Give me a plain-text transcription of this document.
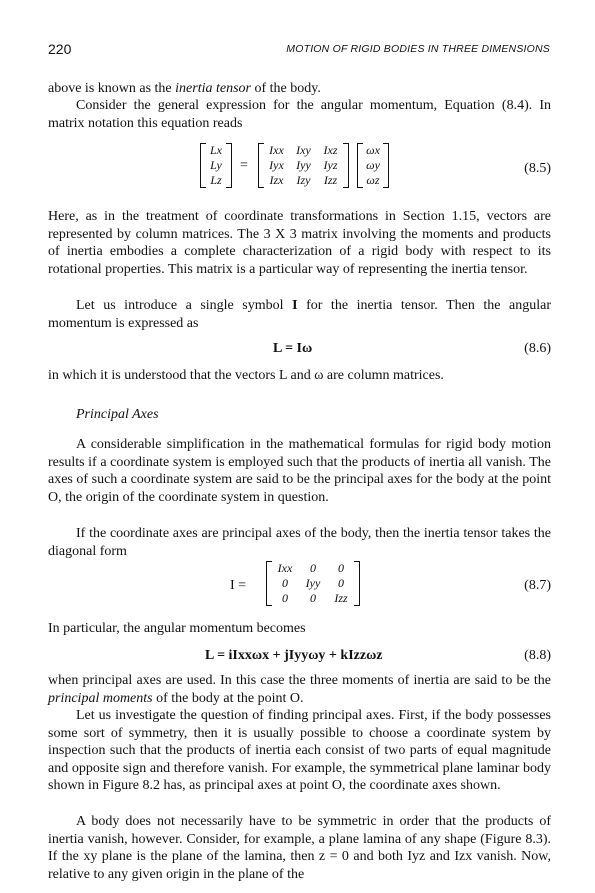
220	MOTION OF RIGID BODIES IN THREE DIMENSIONS

above is known as the inertia tensor of the body.

Consider the general expression for the angular momentum, Equation (8.4). In matrix notation this equation reads

Lx
Ly
Lz
=
Ixx	Ixy	Ixz
Iyx	Iyy	Iyz
Izx	Izy	Izz
ωx
ωy
ωz
(8.5)

Here, as in the treatment of coordinate transformations in Section 1.15, vectors are represented by column matrices. The 3 X 3 matrix involving the moments and products of inertia embodies a complete characterization of a rigid body with respect to its rotational properties. This matrix is a particular way of representing the inertia tensor.

Let us introduce a single symbol I for the inertia tensor. Then the angular momentum is expressed as

L = Iω	(8.6)

in which it is understood that the vectors L and ω are column matrices.

Principal Axes

A considerable simplification in the mathematical formulas for rigid body motion results if a coordinate system is employed such that the products of inertia all vanish. The axes of such a coordinate system are said to be the principal axes for the body at the point O, the origin of the coordinate system in question.

If the coordinate axes are principal axes of the body, then the inertia tensor takes the diagonal form

I =
Ixx	0	0
0	Iyy	0
0	0	Izz
(8.7)

In particular, the angular momentum becomes

L = iIxxωx + jIyyωy + kIzzωz	(8.8)

when principal axes are used. In this case the three moments of inertia are said to be the principal moments of the body at the point O.

Let us investigate the question of finding principal axes. First, if the body possesses some sort of symmetry, then it is usually possible to choose a coordinate system by inspection such that the products of inertia each consist of two parts of equal magnitude and opposite sign and therefore vanish. For example, the symmetrical plane laminar body shown in Figure 8.2 has, as principal axes at point O, the coordinate axes shown.

A body does not necessarily have to be symmetric in order that the products of inertia vanish, however. Consider, for example, a plane lamina of any shape (Figure 8.3). If the xy plane is the plane of the lamina, then z = 0 and both Iyz and Izx vanish. Now, relative to any given origin in the plane of the
